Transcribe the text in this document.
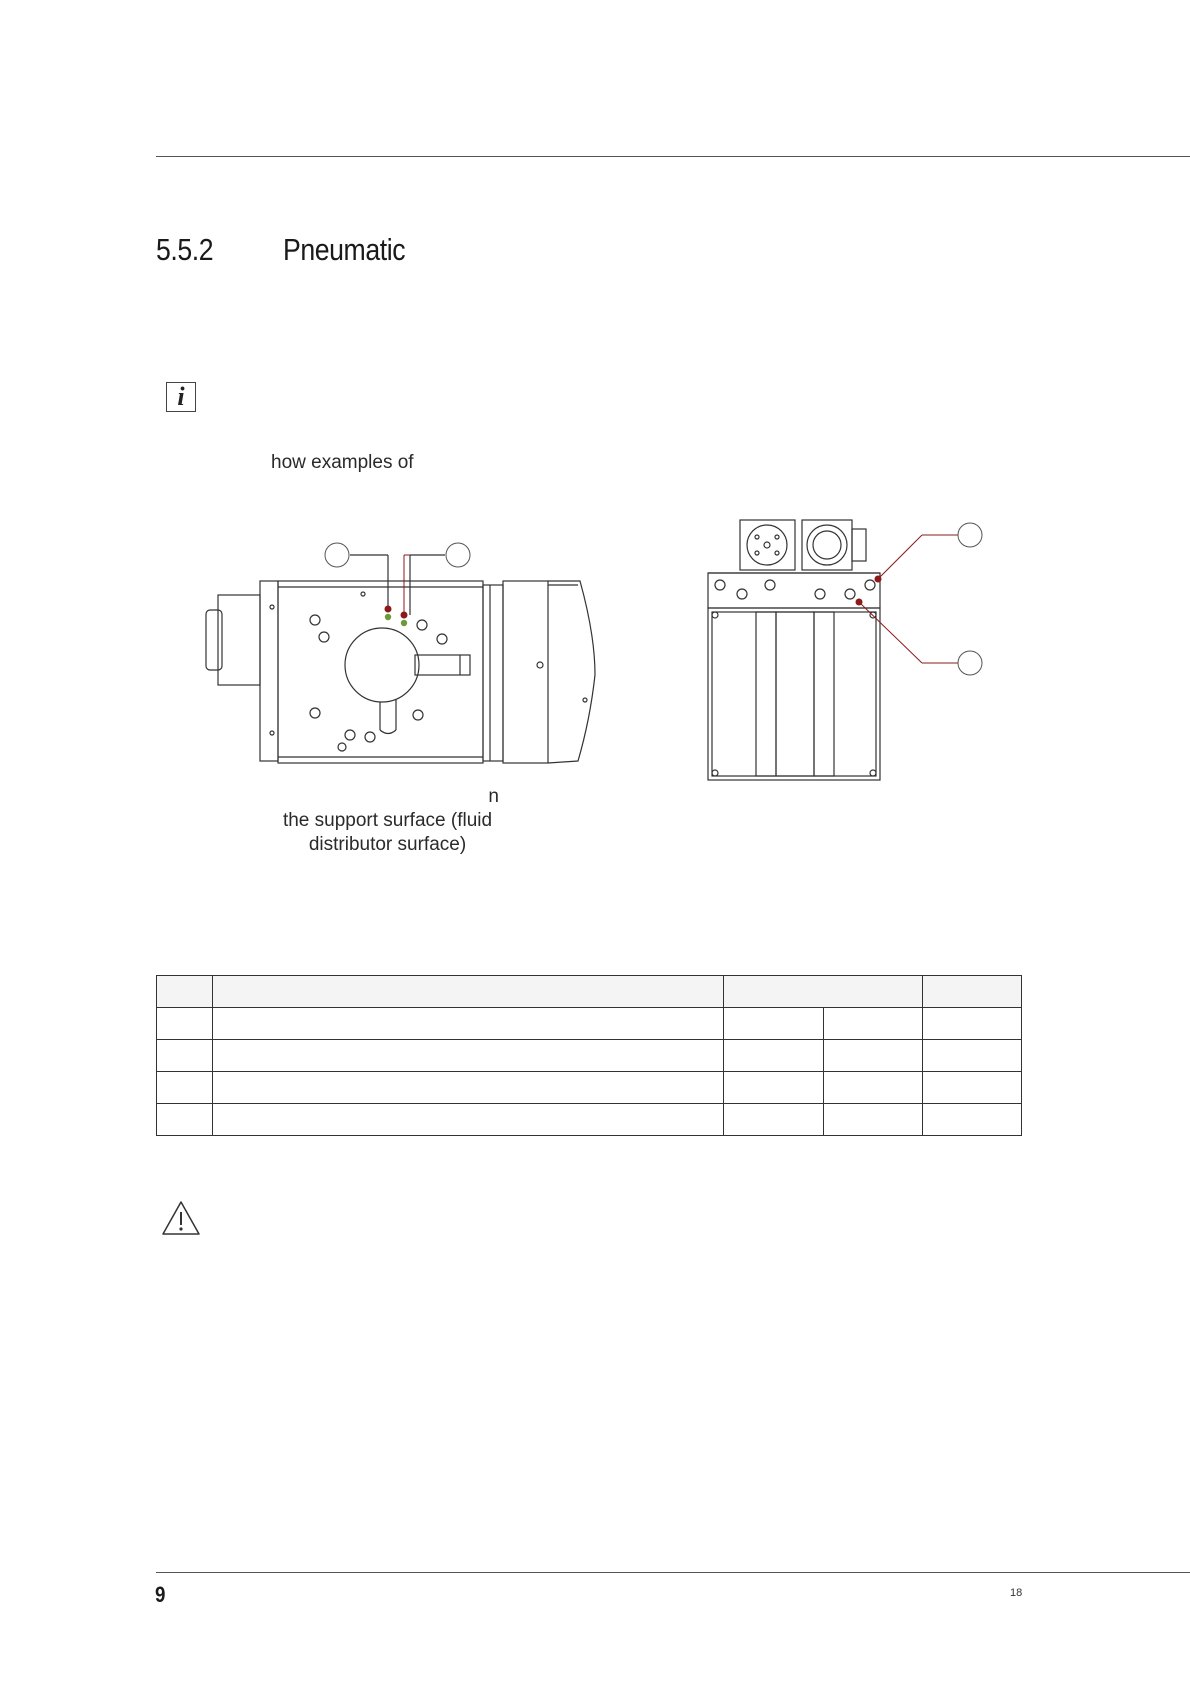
5.5.2 Pneumatic
i
how examples of
n
the support surface (fluid
distributor surface)

9	18
